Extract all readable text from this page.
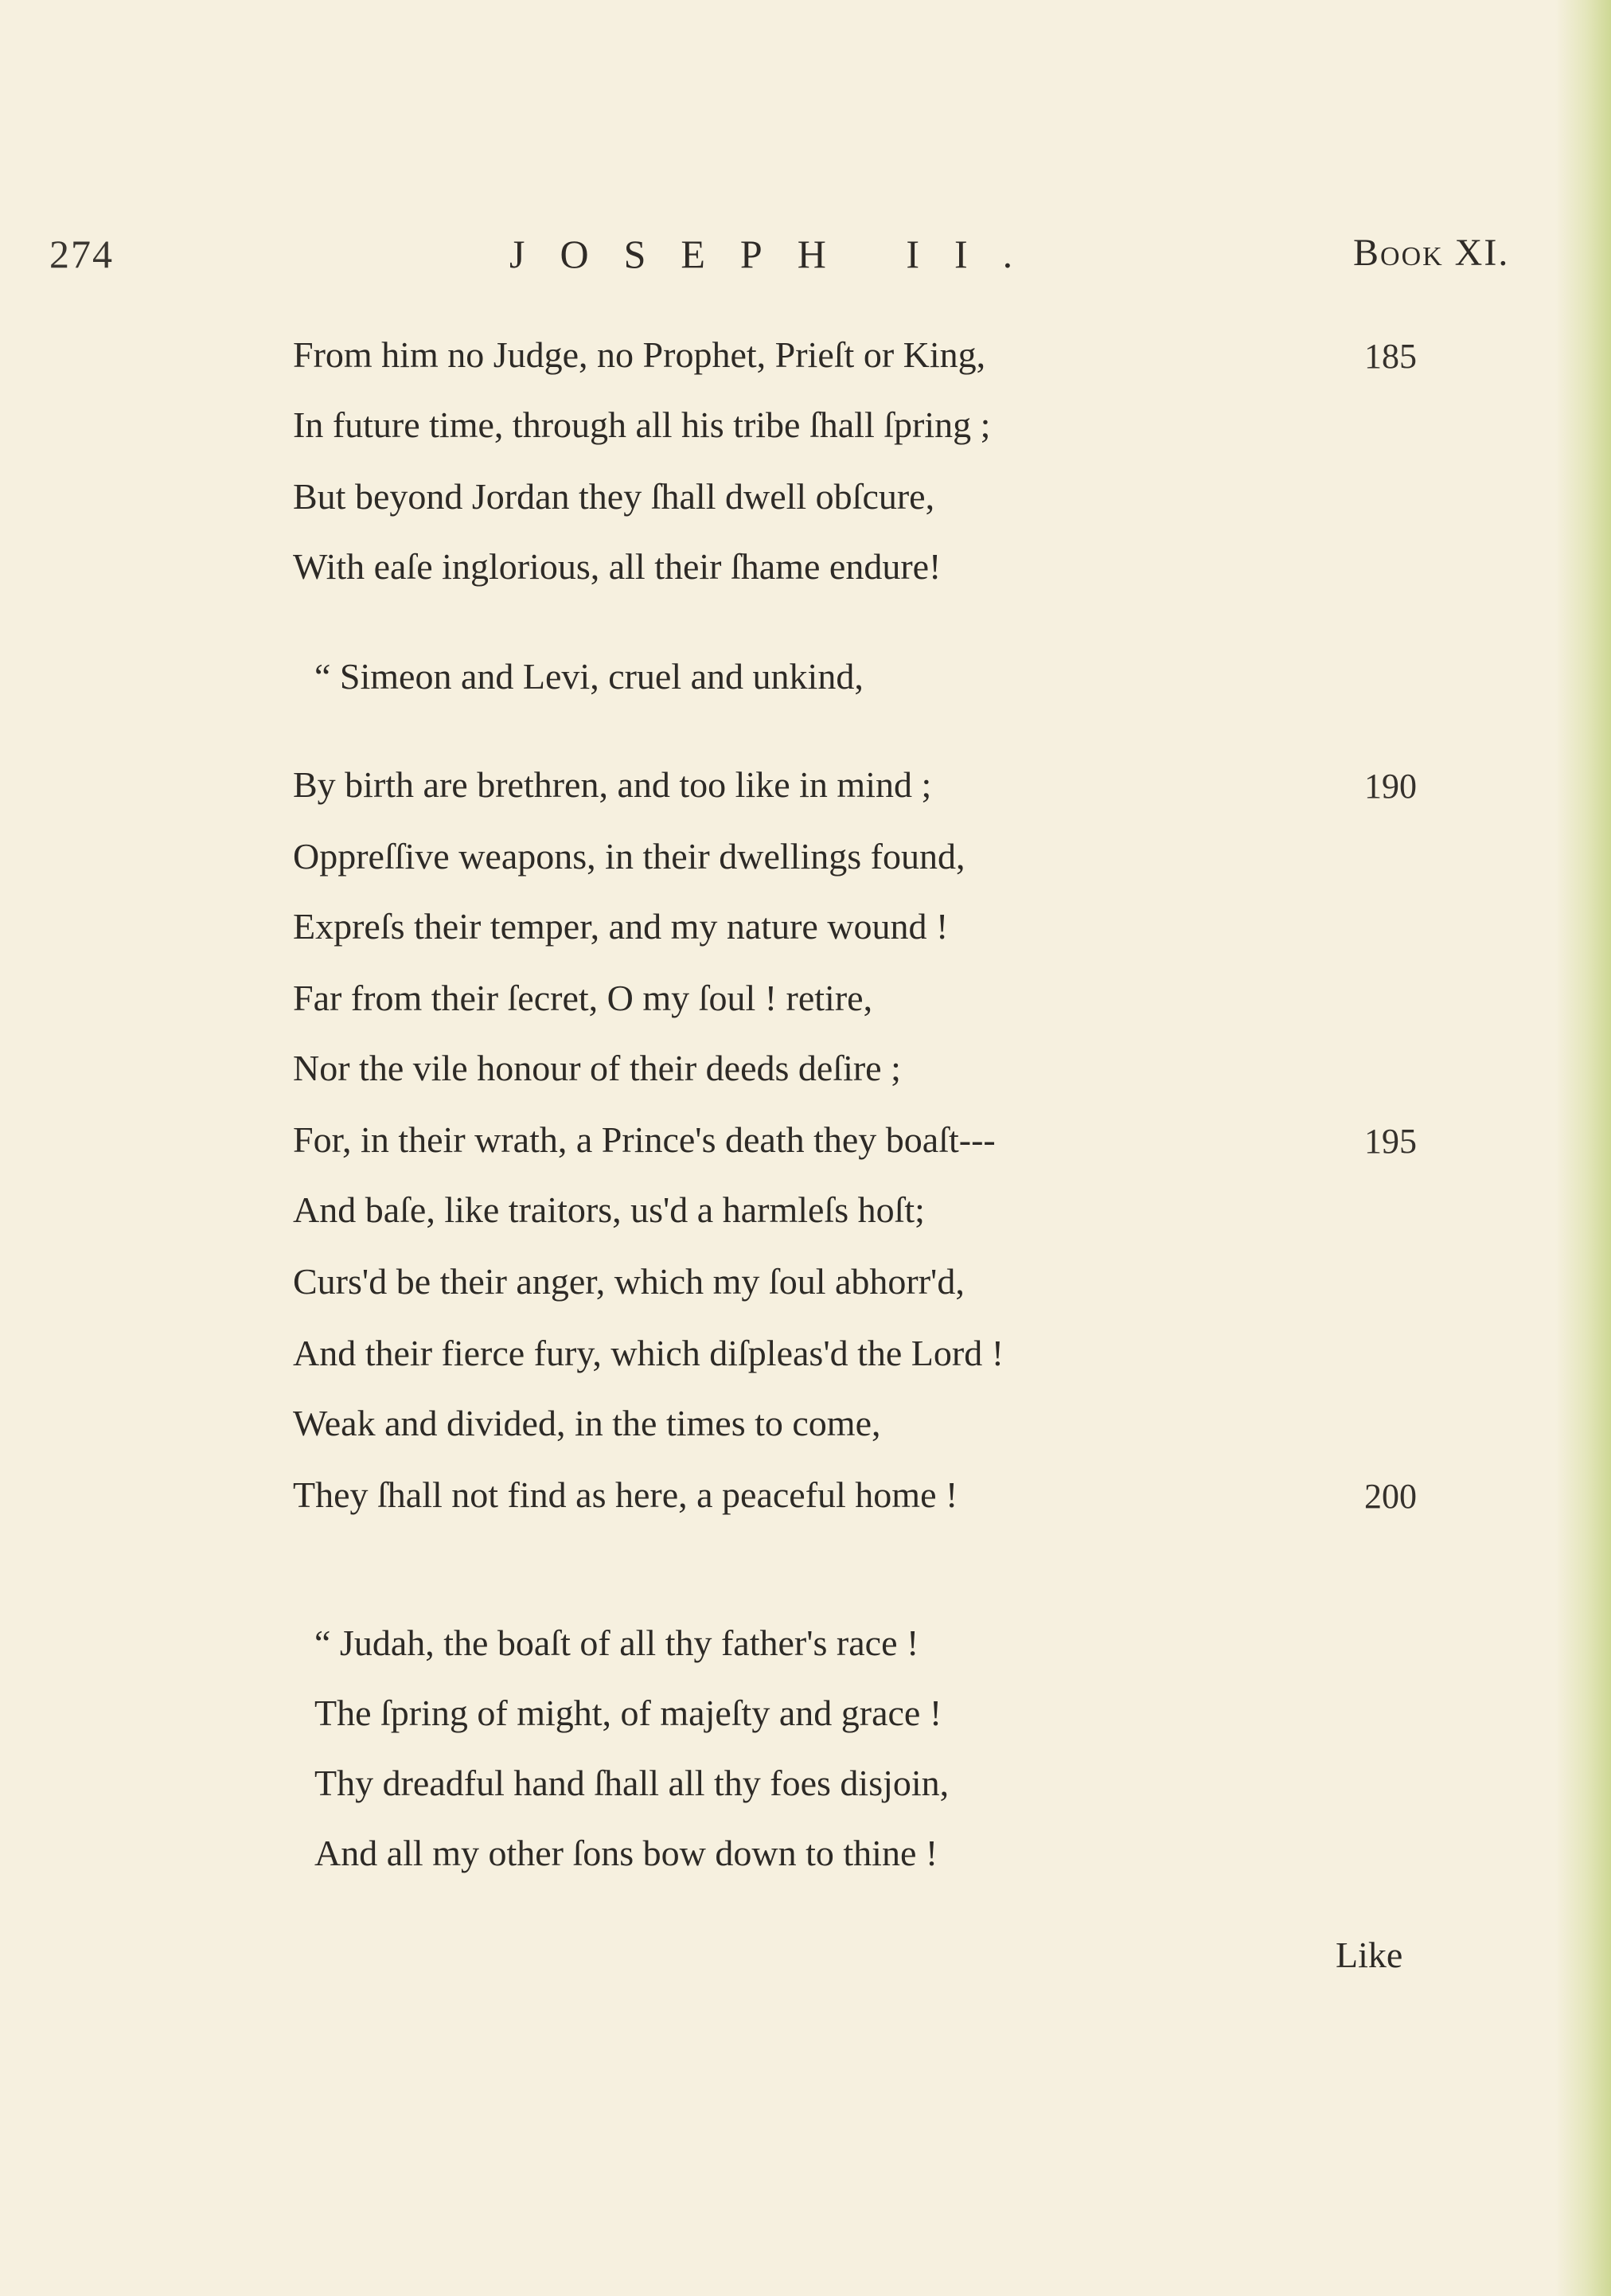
274	JOSEPH II.	Book XI.
From him no Judge, no Prophet, Prieſt or King,
In future time, through all his tribe ſhall ſpring ;
But beyond Jordan they ſhall dwell obſcure,
With eaſe inglorious, all their ſhame endure!
“ Simeon and Levi, cruel and unkind,
By birth are brethren, and too like in mind ;
Oppreſſive weapons, in their dwellings found,
Expreſs their temper, and my nature wound !
Far from their ſecret, O my ſoul ! retire,
Nor the vile honour of their deeds deſire ;
For, in their wrath, a Prince's death they boaſt---
And baſe, like traitors, us'd a harmleſs hoſt;
Curs'd be their anger, which my ſoul abhorr'd,
And their fierce fury, which diſpleas'd the Lord !
Weak and divided, in the times to come,
They ſhall not find as here, a peaceful home !
“ Judah, the boaſt of all thy father's race !
The ſpring of might, of majeſty and grace !
Thy dreadful hand ſhall all thy foes disjoin,
And all my other ſons bow down to thine !
185
190
195
200
Like
